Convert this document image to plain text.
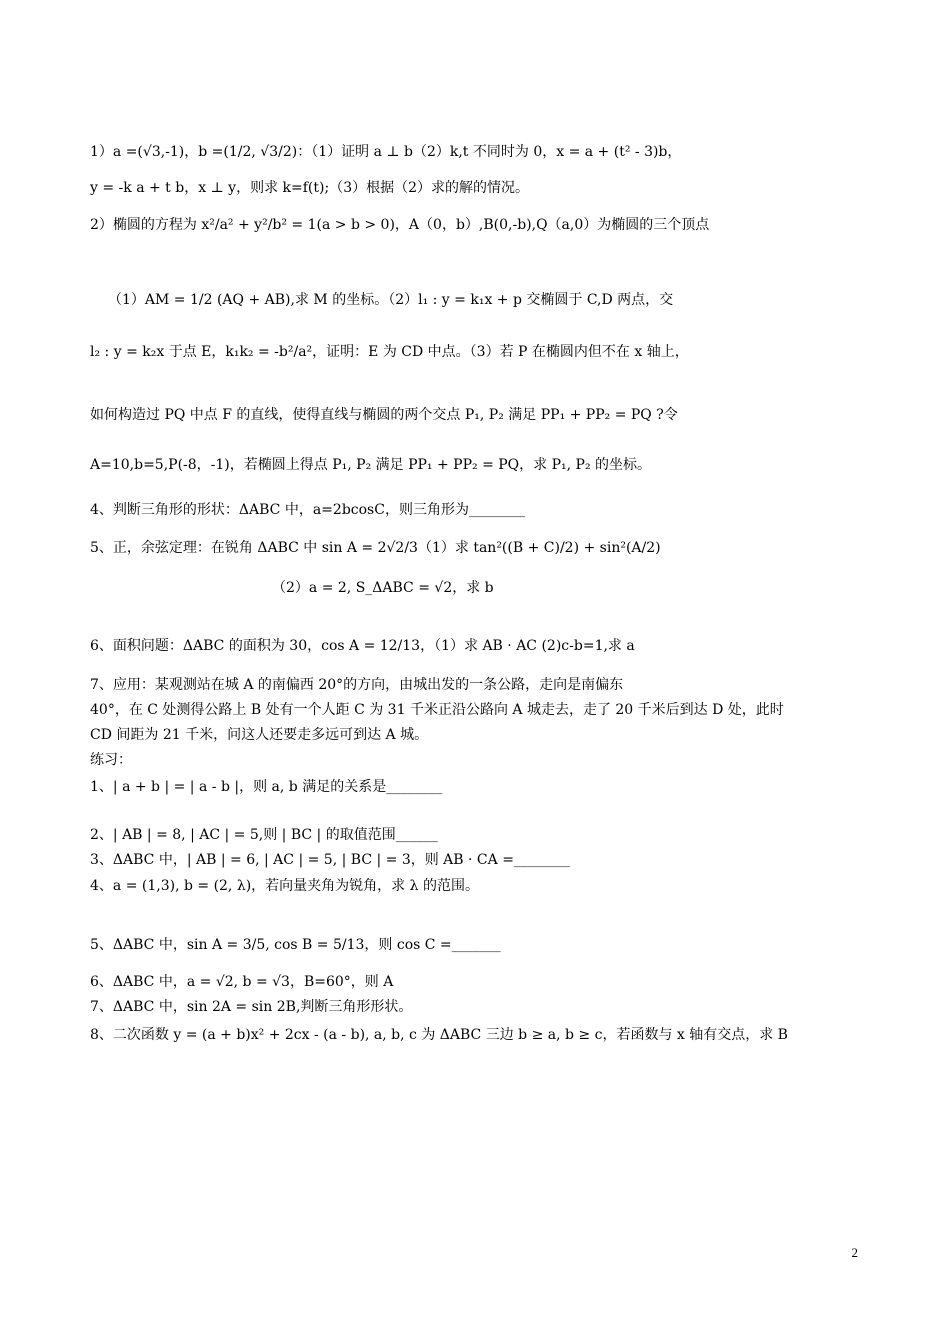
1）a =(√3,-1)，b =(1/2, √3/2)：（1）证明 a ⊥ b（2）k,t 不同时为 0，x = a + (t² - 3)b，
y = -k a + t b，x ⊥ y，则求 k=f(t);（3）根据（2）求的解的情况。
2）椭圆的方程为 x²/a² + y²/b² = 1(a > b > 0)，A（0，b）,B(0,-b),Q（a,0）为椭圆的三个顶点
（1）AM = 1/2 (AQ + AB),求 M 的坐标。（2）l₁ : y = k₁x + p 交椭圆于 C,D 两点，交
l₂ : y = k₂x 于点 E，k₁k₂ = -b²/a²，证明：E 为 CD 中点。（3）若 P 在椭圆内但不在 x 轴上，
如何构造过 PQ 中点 F 的直线，使得直线与椭圆的两个交点 P₁, P₂ 满足 PP₁ + PP₂ = PQ ?令
A=10,b=5,P(-8，-1)，若椭圆上得点 P₁, P₂ 满足 PP₁ + PP₂ = PQ，求 P₁, P₂ 的坐标。
4、判断三角形的形状：ΔABC 中，a=2bcosC，则三角形为________
5、正，余弦定理：在锐角 ΔABC 中 sin A = 2√2/3（1）求 tan²((B + C)/2) + sin²(A/2)
（2）a = 2, S_ΔABC = √2，求 b
6、面积问题：ΔABC 的面积为 30，cos A = 12/13，（1）求 AB · AC (2)c-b=1,求 a
7、应用：某观测站在城 A 的南偏西 20°的方向，由城出发的一条公路，走向是南偏东
40°，在 C 处测得公路上 B 处有一个人距 C 为 31 千米正沿公路向 A 城走去，走了 20 千米后到达 D 处，此时
CD 间距为 21 千米，问这人还要走多远可到达 A 城。
练习：
1、| a + b | = | a - b |，则 a, b 满足的关系是________
2、| AB | = 8, | AC | = 5,则 | BC | 的取值范围______
3、ΔABC 中，| AB | = 6, | AC | = 5, | BC | = 3，则 AB · CA =________
4、a = (1,3), b = (2, λ)，若向量夹角为锐角，求 λ 的范围。
5、ΔABC 中，sin A = 3/5, cos B = 5/13，则 cos C =_______
6、ΔABC 中，a = √2, b = √3，B=60°，则 A
7、ΔABC 中，sin 2A = sin 2B,判断三角形形状。
8、二次函数 y = (a + b)x² + 2cx - (a - b), a, b, c 为 ΔABC 三边 b ≥ a, b ≥ c，若函数与 x 轴有交点，求 B
2
